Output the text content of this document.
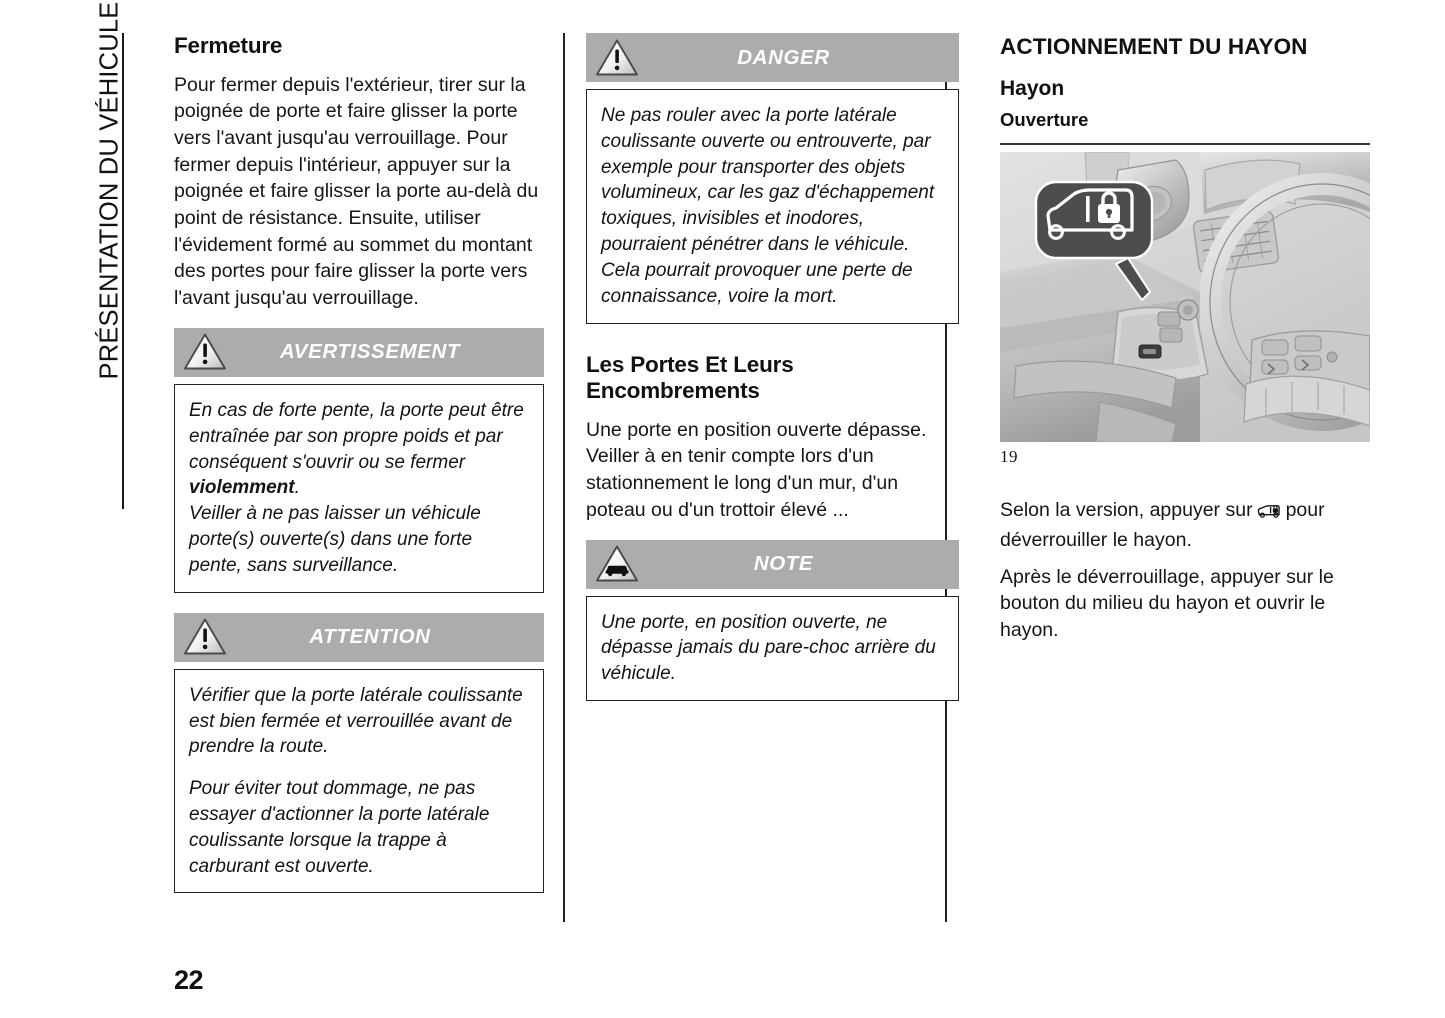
PRÉSENTATION DU VÉHICULE Fermeture

Pour fermer depuis l'extérieur, tirer sur la poignée de porte et faire glisser la porte vers l'avant jusqu'au verrouillage. Pour fermer depuis l'intérieur, appuyer sur la poignée et faire glisser la porte au-delà du point de résistance. Ensuite, utiliser l'évidement formé au sommet du montant des portes pour faire glisser la porte vers l'avant jusqu'au verrouillage.

AVERTISSEMENT

En cas de forte pente, la porte peut être entraînée par son propre poids et par conséquent s'ouvrir ou se fermer violemment.
Veiller à ne pas laisser un véhicule porte(s) ouverte(s) dans une forte pente, sans surveillance.

ATTENTION

Vérifier que la porte latérale coulissante est bien fermée et verrouillée avant de prendre la route.

Pour éviter tout dommage, ne pas essayer d'actionner la porte latérale coulissante lorsque la trappe à carburant est ouverte.

DANGER

Ne pas rouler avec la porte latérale coulissante ouverte ou entrouverte, par exemple pour transporter des objets volumineux, car les gaz d'échappement toxiques, invisibles et inodores, pourraient pénétrer dans le véhicule. Cela pourrait provoquer une perte de connaissance, voire la mort.

Les Portes Et Leurs Encombrements

Une porte en position ouverte dépasse. Veiller à en tenir compte lors d'un stationnement le long d'un mur, d'un poteau ou d'un trottoir élevé ...

NOTE

Une porte, en position ouverte, ne dépasse jamais du pare-choc arrière du véhicule.

ACTIONNEMENT DU HAYON
Hayon
Ouverture
19

Selon la version, appuyer sur pour déverrouiller le hayon.

Après le déverrouillage, appuyer sur le bouton du milieu du hayon et ouvrir le hayon.

22
